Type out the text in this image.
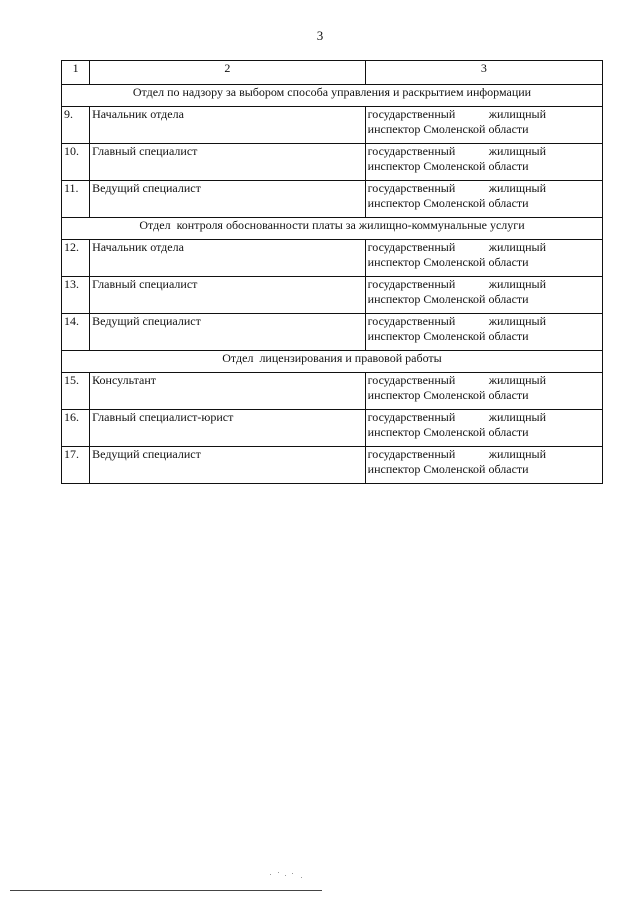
3
1	2	3
Отдел по надзору за выбором способа управления и раскрытием информации		
9.	Начальник отдела	государственный жилищный
инспектор Смоленской области

10.	Главный специалист	государственный жилищный
инспектор Смоленской области

11.	Ведущий специалист	государственный жилищный
инспектор Смоленской области

Отдел  контроля обоснованности платы за жилищно-коммунальные услуги		
12.	Начальник отдела	государственный жилищный
инспектор Смоленской области

13.	Главный специалист	государственный жилищный
инспектор Смоленской области

14.	Ведущий специалист	государственный жилищный
инспектор Смоленской области

Отдел  лицензирования и правовой работы		
15.	Консультант	государственный жилищный
инспектор Смоленской области

16.	Главный специалист-юрист	государственный жилищный
инспектор Смоленской области

17.	Ведущий специалист	государственный жилищный
инспектор Смоленской области
